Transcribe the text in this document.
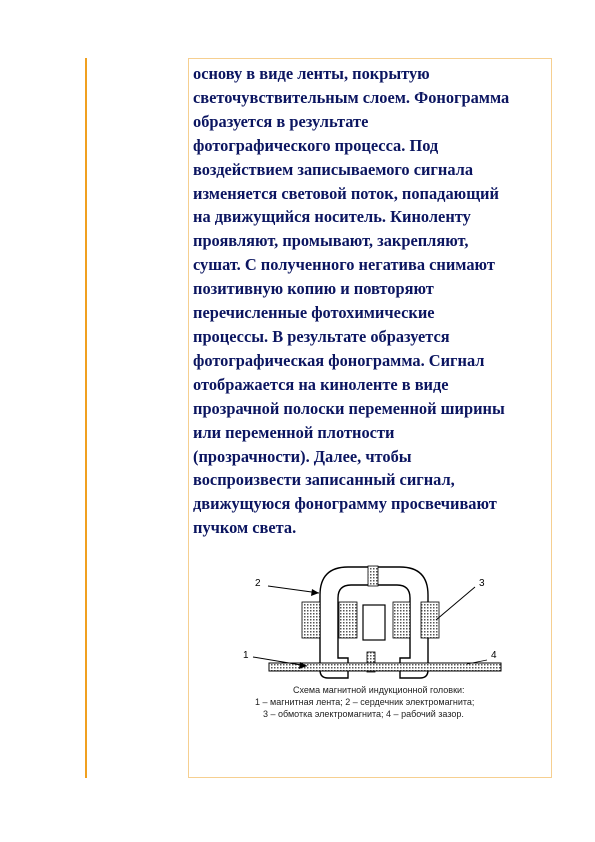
основу в виде ленты, покрытую
светочувствительным слоем. Фонограмма
образуется в результате
фотографического процесса. Под
воздействием записываемого сигнала
изменяется световой поток, попадающий
на движущийся носитель. Киноленту
проявляют, промывают, закрепляют,
сушат. С полученного негатива снимают
позитивную копию и повторяют
перечисленные фотохимические
процессы. В результате образуется
фотографическая фонограмма. Сигнал
отображается на киноленте в виде
прозрачной полоски переменной ширины
или переменной плотности
(прозрачности). Далее, чтобы
воспроизвести записанный сигнал,
движущуюся фонограмму просвечивают
пучком света.

2	3
1	4
Схема магнитной индукционной головки:
1 – магнитная лента; 2 – сердечник электромагнита;
3 – обмотка электромагнита; 4 – рабочий зазор.
